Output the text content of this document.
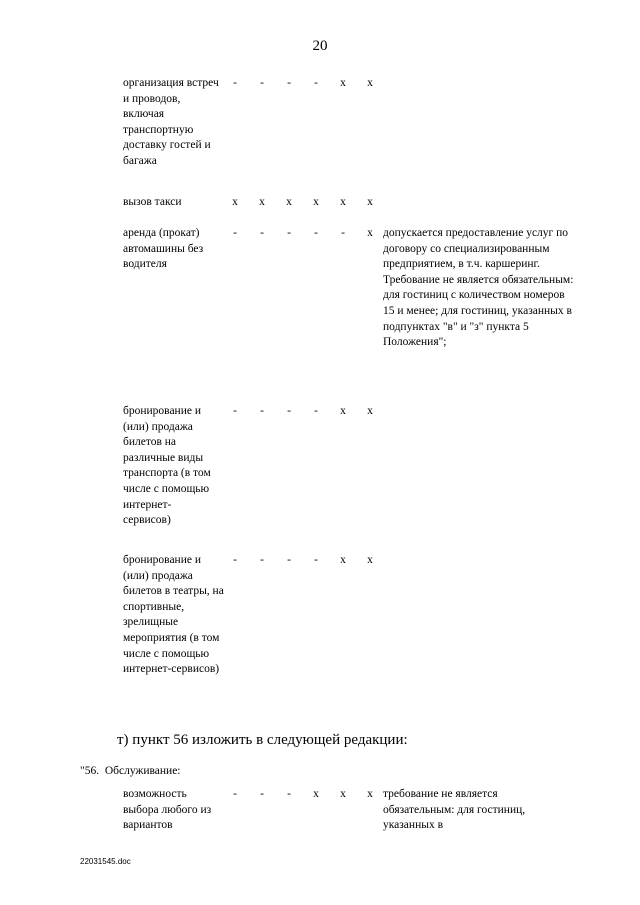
20
организация встреч и проводов, включая транспортную доставку гостей и багажа
- - - - х х
вызов такси	х х х х х х
аренда (прокат) автомашины без водителя
- - - - - х допускается предоставление услуг по договору со специализированным предприятием, в т.ч. каршеринг. Требование не является обязательным: для гостиниц с количеством номеров 15 и менее; для гостиниц, указанных в подпунктах "в" и "з" пункта 5 Положения";
бронирование и (или) продажа билетов на различные виды транспорта (в том числе с помощью интернет-сервисов)
- - - - х х
бронирование и (или) продажа билетов в театры, на спортивные, зрелищные мероприятия (в том числе с помощью интернет-сервисов)
- - - - х х
т) пункт 56 изложить в следующей редакции:
"56.  Обслуживание:
возможность выбора любого из вариантов
- - - х х х требование не является обязательным: для гостиниц, указанных в
22031545.doc
